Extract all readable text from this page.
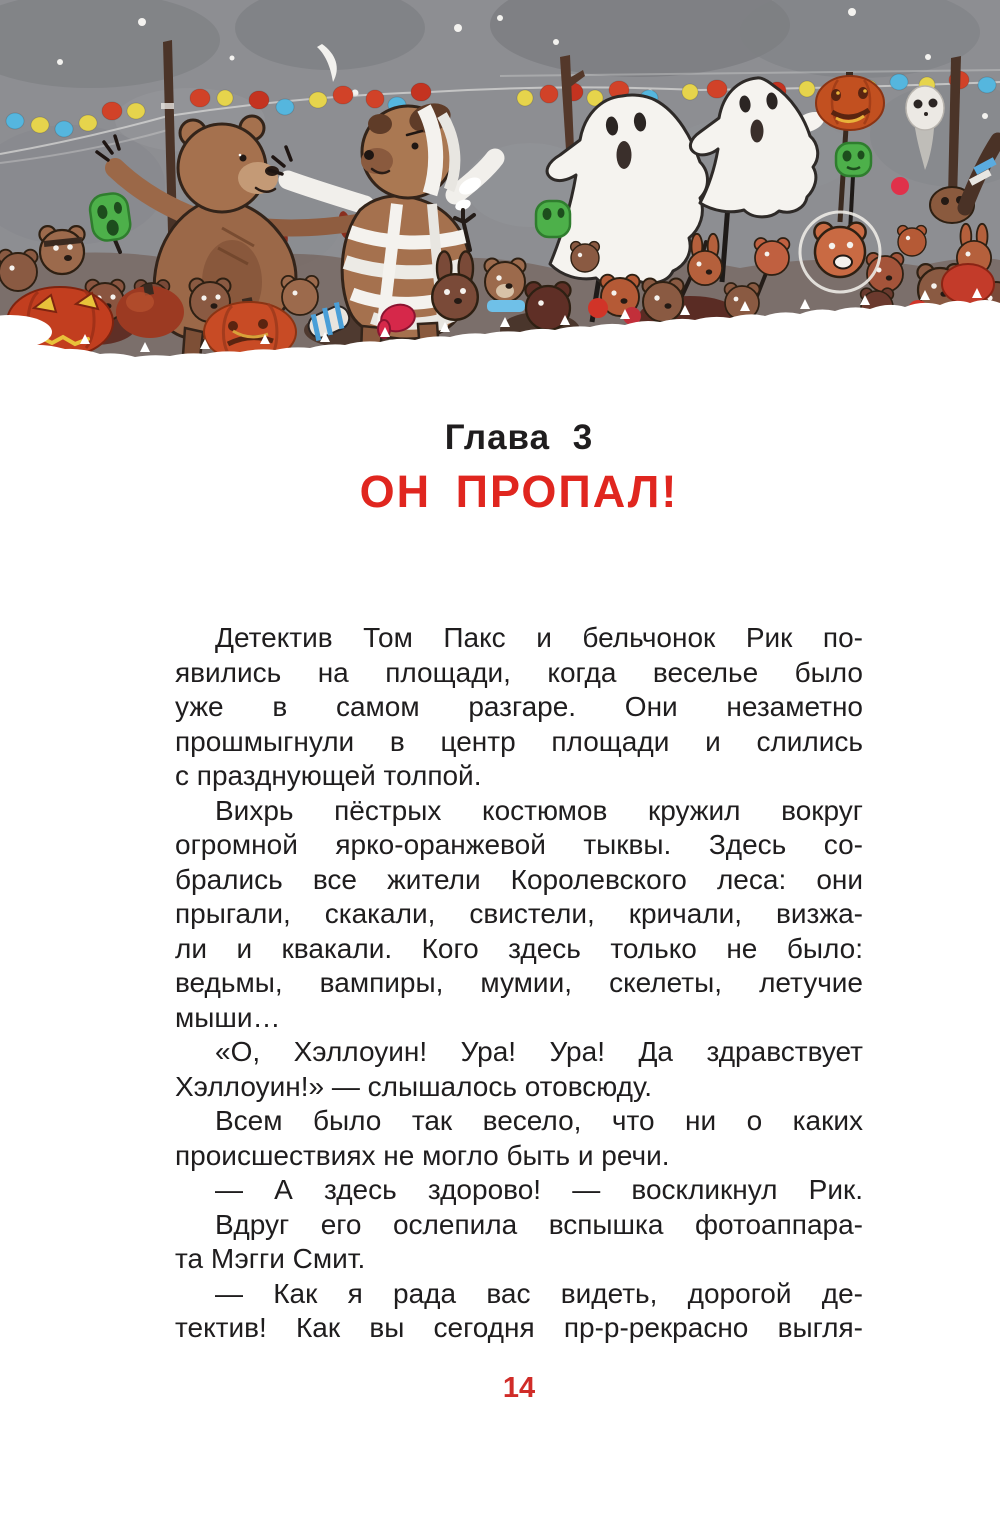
Глава 3
ОН ПРОПАЛ!
Детектив Том Пакс и бельчонок Рик по-
явились на площади, когда веселье было
уже в самом разгаре. Они незаметно
прошмыгнули в центр площади и слились
с празднующей толпой.
Вихрь пёстрых костюмов кружил вокруг
огромной ярко-оранжевой тыквы. Здесь со-
брались все жители Королевского леса: они
прыгали, скакали, свистели, кричали, визжа-
ли и квакали. Кого здесь только не было:
ведьмы, вампиры, мумии, скелеты, летучие
мыши…
«О, Хэллоуин! Ура! Ура! Да здравствует
Хэллоуин!» — слышалось отовсюду.
Всем было так весело, что ни о каких
происшествиях не могло быть и речи.
— А здесь здорово! — воскликнул Рик.
Вдруг его ослепила вспышка фотоаппара-
та Мэгги Смит.
— Как я рада вас видеть, дорогой де-
тектив! Как вы сегодня пр-р-рекрасно выгля-
14
